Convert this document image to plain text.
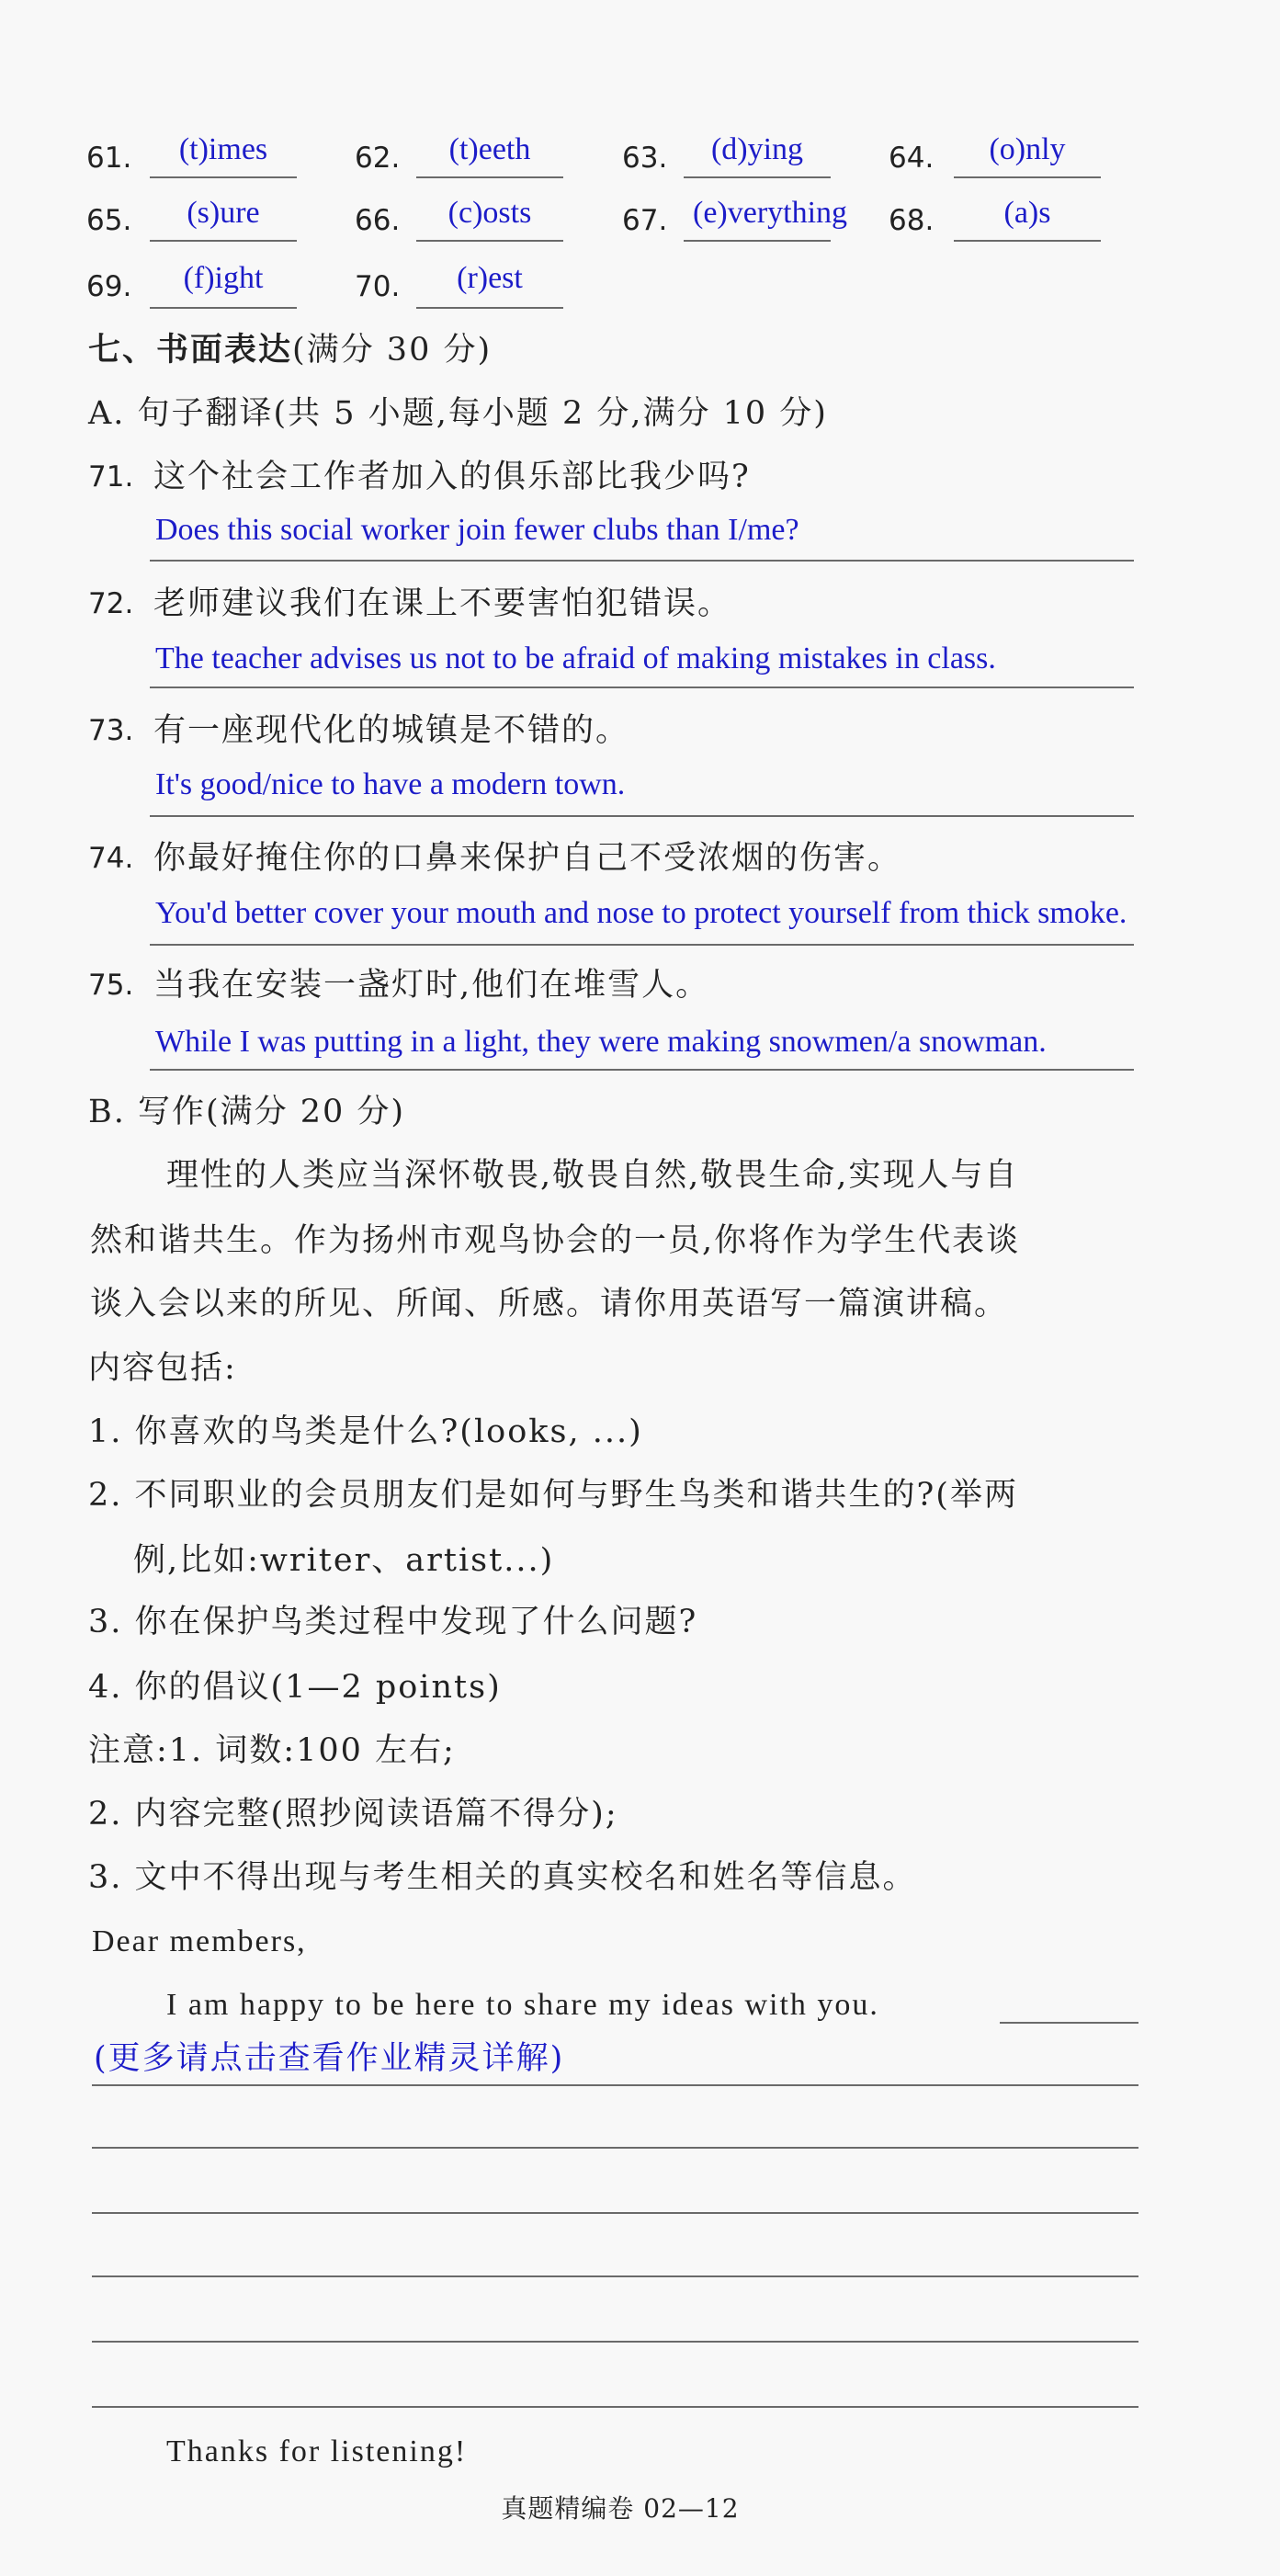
61.	(t)imes	62.	(t)eeth	63.	(d)ying	64.	(o)nly
65.	(s)ure	66.	(c)osts	67. (e)verything 68.	(a)s
69.	(f)ight	70.	(r)est
七、书面表达(满分 30 分)
A. 句子翻译(共 5 小题,每小题 2 分,满分 10 分)
71. 这个社会工作者加入的俱乐部比我少吗?
Does this social worker join fewer clubs than I/me?
72. 老师建议我们在课上不要害怕犯错误。
The teacher advises us not to be afraid of making mistakes in class.
73. 有一座现代化的城镇是不错的。
It's good/nice to have a modern town.
74. 你最好掩住你的口鼻来保护自己不受浓烟的伤害。
You'd better cover your mouth and nose to protect yourself from thick smoke.
75. 当我在安装一盏灯时,他们在堆雪人。
While I was putting in a light, they were making snowmen/a snowman.
B. 写作(满分 20 分)
理性的人类应当深怀敬畏,敬畏自然,敬畏生命,实现人与自
然和谐共生。作为扬州市观鸟协会的一员,你将作为学生代表谈
谈入会以来的所见、所闻、所感。请你用英语写一篇演讲稿。
内容包括:
1. 你喜欢的鸟类是什么?(looks, ...)
2. 不同职业的会员朋友们是如何与野生鸟类和谐共生的?(举两
例,比如:writer、artist...)
3. 你在保护鸟类过程中发现了什么问题?
4. 你的倡议(1—2 points)
注意:1. 词数:100 左右;
2. 内容完整(照抄阅读语篇不得分);
3. 文中不得出现与考生相关的真实校名和姓名等信息。
Dear members,
I am happy to be here to share my ideas with you.
(更多请点击查看作业精灵详解)
Thanks for listening!
真题精编卷 02—12
